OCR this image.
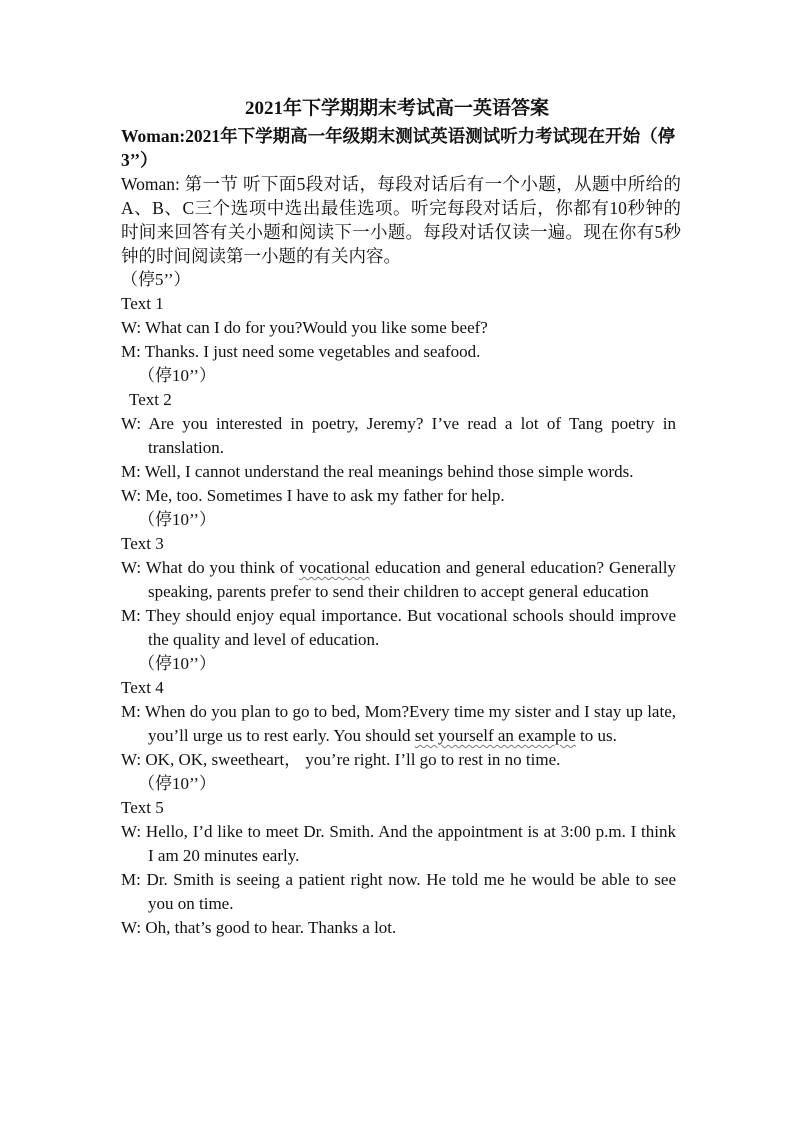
2021年下学期期末考试高一英语答案
Woman:2021年下学期高一年级期末测试英语测试听力考试现在开始（停3’’）
Woman: 第一节 听下面5段对话，每段对话后有一个小题，从题中所给的A、B、C三个选项中选出最佳选项。听完每段对话后，你都有10秒钟的时间来回答有关小题和阅读下一小题。每段对话仅读一遍。现在你有5秒钟的时间阅读第一小题的有关内容。
（停5’’）
Text 1
W: What can I do for you?Would you like some beef?
M: Thanks. I just need some vegetables and seafood.
（停10’’）
Text 2
W: Are you interested in poetry, Jeremy? I’ve read a lot of Tang poetry in translation.
M: Well, I cannot understand the real meanings behind those simple words.
W: Me, too. Sometimes I have to ask my father for help.
（停10’’）
Text 3
W: What do you think of vocational education and general education? Generally speaking, parents prefer to send their children to accept general education
M: They should enjoy equal importance. But vocational schools should improve the quality and level of education.
（停10’’）
Text 4
M: When do you plan to go to bed, Mom?Every time my sister and I stay up late, you’ll urge us to rest early. You should set yourself an example to us.
W: OK, OK, sweetheart， you’re right. I’ll go to rest in no time.
（停10’’）
Text 5
W: Hello, I’d like to meet Dr. Smith. And the appointment is at 3:00 p.m. I think I am 20 minutes early.
M: Dr. Smith is seeing a patient right now. He told me he would be able to see you on time.
W: Oh, that’s good to hear. Thanks a lot.
